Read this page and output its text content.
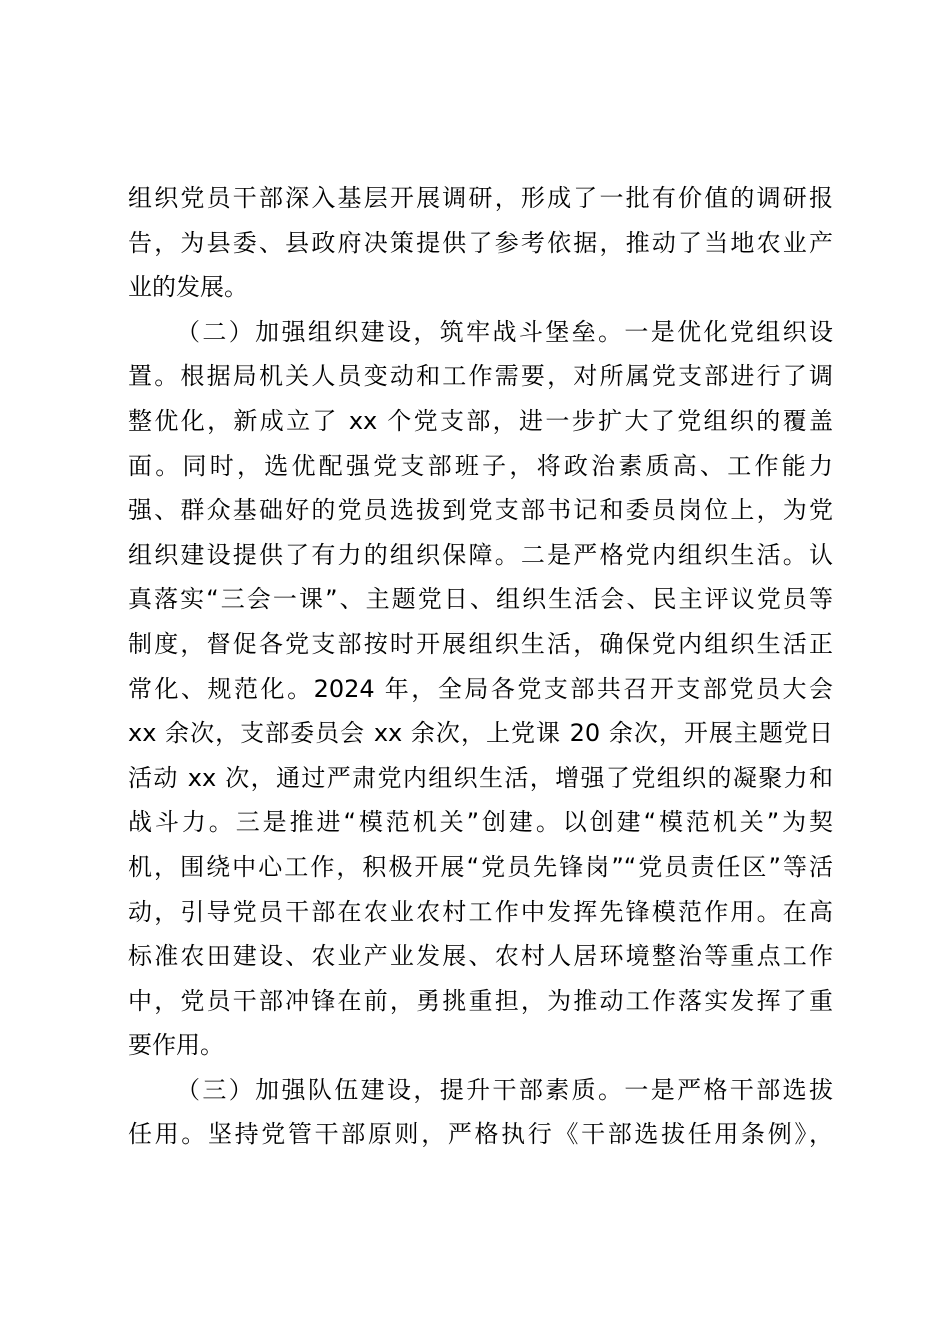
组织党员干部深入基层开展调研，形成了一批有价值的调研报
告，为县委、县政府决策提供了参考依据，推动了当地农业产
业的发展。
（二）加强组织建设，筑牢战斗堡垒。一是优化党组织设
置。根据局机关人员变动和工作需要，对所属党支部进行了调
整优化，新成立了 xx 个党支部，进一步扩大了党组织的覆盖
面。同时，选优配强党支部班子，将政治素质高、工作能力
强、群众基础好的党员选拔到党支部书记和委员岗位上，为党
组织建设提供了有力的组织保障。二是严格党内组织生活。认
真落实“三会一课”、主题党日、组织生活会、民主评议党员等
制度，督促各党支部按时开展组织生活，确保党内组织生活正
常化、规范化。2024 年，全局各党支部共召开支部党员大会
xx 余次，支部委员会 xx 余次，上党课 20 余次，开展主题党日
活动 xx 次，通过严肃党内组织生活，增强了党组织的凝聚力和
战斗力。三是推进“模范机关”创建。以创建“模范机关”为契
机，围绕中心工作，积极开展“党员先锋岗”“党员责任区”等活
动，引导党员干部在农业农村工作中发挥先锋模范作用。在高
标准农田建设、农业产业发展、农村人居环境整治等重点工作
中，党员干部冲锋在前，勇挑重担，为推动工作落实发挥了重
要作用。
（三）加强队伍建设，提升干部素质。一是严格干部选拔
任用。坚持党管干部原则，严格执行《干部选拔任用条例》，
